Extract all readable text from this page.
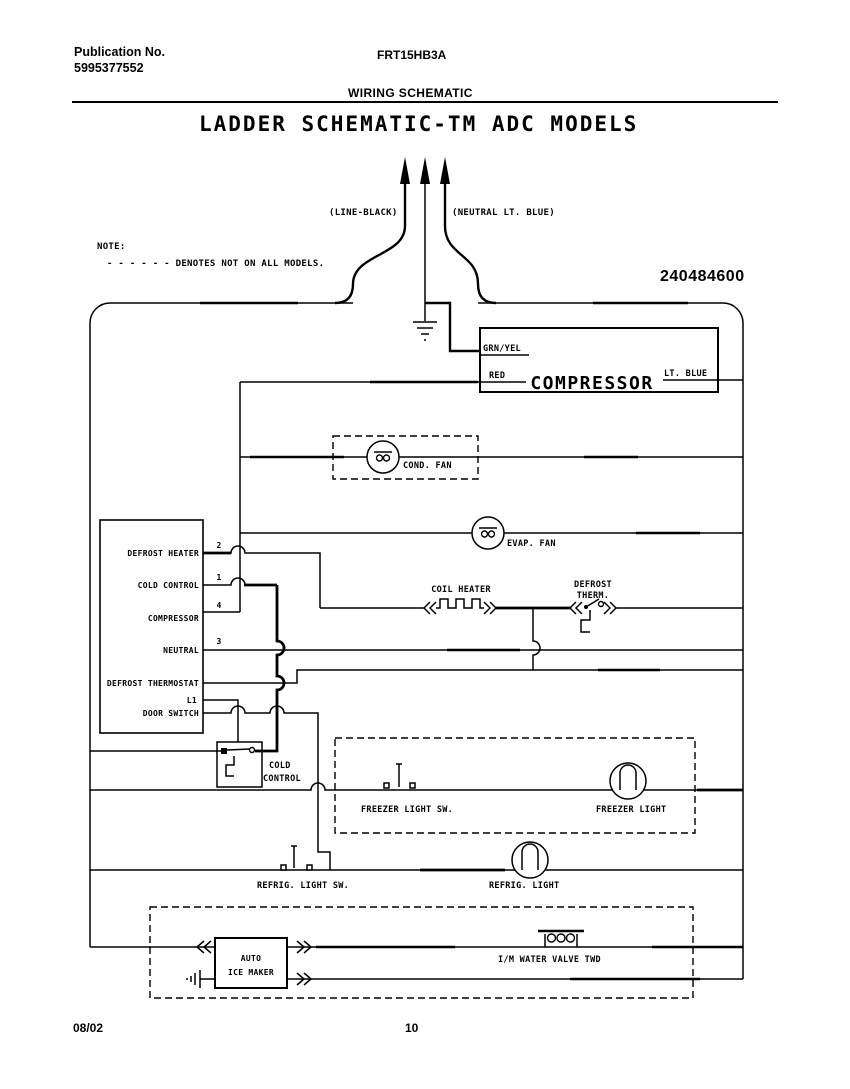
Publication No.
5995377552
FRT15HB3A
WIRING SCHEMATIC
LADDER SCHEMATIC-TM ADC MODELS
240484600
08/02	10
NOTE:
- - - - - - DENOTES NOT ON ALL MODELS.
(LINE-BLACK)	(NEUTRAL LT. BLUE)
GRN/YEL
RED COMPRESSOR LT. BLUE
COND. FAN
EVAP. FAN
DEFROST HEATER
COLD CONTROL
COMPRESSOR
NEUTRAL
DEFROST THERMOSTAT
L1
DOOR SWITCH
2
1
4
3
COIL HEATER	DEFROST
THERM.
COLD
CONTROL
FREEZER LIGHT SW.	FREEZER LIGHT
REFRIG. LIGHT SW.	REFRIG. LIGHT
AUTO
ICE MAKER
I/M WATER VALVE TWD
